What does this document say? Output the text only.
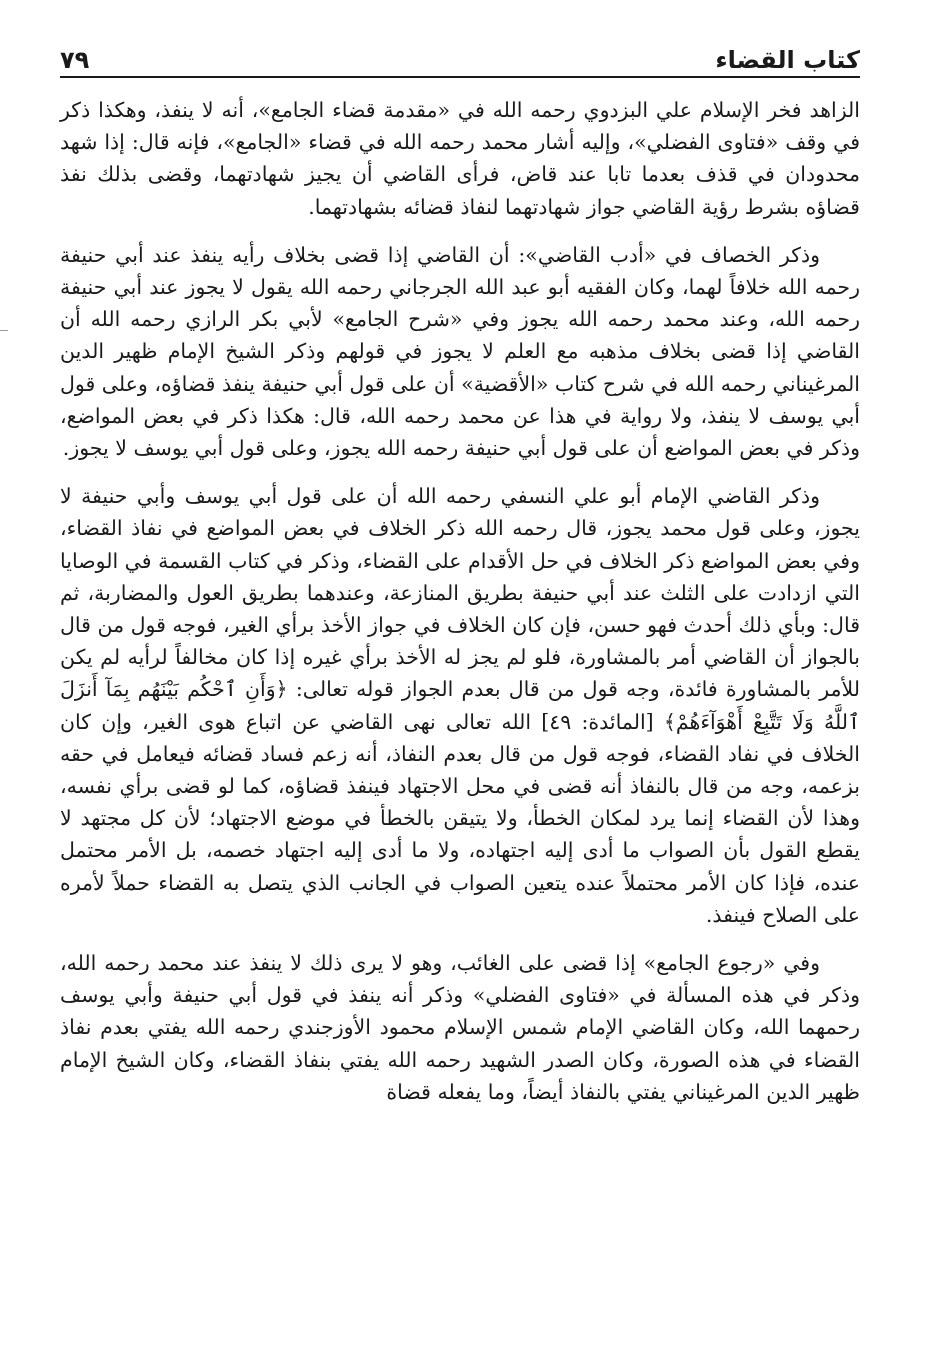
كتاب القضاء
٧٩

الزاهد فخر الإسلام علي البزدوي رحمه الله في «مقدمة قضاء الجامع»، أنه لا ينفذ، وهكذا ذكر في وقف «فتاوى الفضلي»، وإليه أشار محمد رحمه الله في قضاء «الجامع»، فإنه قال: إذا شهد محدودان في قذف بعدما تابا عند قاض، فرأى القاضي أن يجيز شهادتهما، وقضى بذلك نفذ قضاؤه بشرط رؤية القاضي جواز شهادتهما لنفاذ قضائه بشهادتهما.

وذكر الخصاف في «أدب القاضي»: أن القاضي إذا قضى بخلاف رأيه ينفذ عند أبي حنيفة رحمه الله خلافاً لهما، وكان الفقيه أبو عبد الله الجرجاني رحمه الله يقول لا يجوز عند أبي حنيفة رحمه الله، وعند محمد رحمه الله يجوز وفي «شرح الجامع» لأبي بكر الرازي رحمه الله أن القاضي إذا قضى بخلاف مذهبه مع العلم لا يجوز في قولهم وذكر الشيخ الإمام ظهير الدين المرغيناني رحمه الله في شرح كتاب «الأقضية» أن على قول أبي حنيفة ينفذ قضاؤه، وعلى قول أبي يوسف لا ينفذ، ولا رواية في هذا عن محمد رحمه الله، قال: هكذا ذكر في بعض المواضع، وذكر في بعض المواضع أن على قول أبي حنيفة رحمه الله يجوز، وعلى قول أبي يوسف لا يجوز.

وذكر القاضي الإمام أبو علي النسفي رحمه الله أن على قول أبي يوسف وأبي حنيفة لا يجوز، وعلى قول محمد يجوز، قال رحمه الله ذكر الخلاف في بعض المواضع في نفاذ القضاء، وفي بعض المواضع ذكر الخلاف في حل الأقدام على القضاء، وذكر في كتاب القسمة في الوصايا التي ازدادت على الثلث عند أبي حنيفة بطريق المنازعة، وعندهما بطريق العول والمضاربة، ثم قال: وبأي ذلك أحدث فهو حسن، فإن كان الخلاف في جواز الأخذ برأي الغير، فوجه قول من قال بالجواز أن القاضي أمر بالمشاورة، فلو لم يجز له الأخذ برأي غيره إذا كان مخالفاً لرأيه لم يكن للأمر بالمشاورة فائدة، وجه قول من قال بعدم الجواز قوله تعالى: ﴿وَأَنِ ٱحْكُم بَيْنَهُم بِمَآ أَنزَلَ ٱللَّهُ وَلَا تَتَّبِعْ أَهْوَآءَهُمْ﴾ [المائدة: ٤٩] الله تعالى نهى القاضي عن اتباع هوى الغير، وإن كان الخلاف في نفاد القضاء، فوجه قول من قال بعدم النفاذ، أنه زعم فساد قضائه فيعامل في حقه بزعمه، وجه من قال بالنفاذ أنه قضى في محل الاجتهاد فينفذ قضاؤه، كما لو قضى برأي نفسه، وهذا لأن القضاء إنما يرد لمكان الخطأ، ولا يتيقن بالخطأ في موضع الاجتهاد؛ لأن كل مجتهد لا يقطع القول بأن الصواب ما أدى إليه اجتهاده، ولا ما أدى إليه اجتهاد خصمه، بل الأمر محتمل عنده، فإذا كان الأمر محتملاً عنده يتعين الصواب في الجانب الذي يتصل به القضاء حملاً لأمره على الصلاح فينفذ.

وفي «رجوع الجامع» إذا قضى على الغائب، وهو لا يرى ذلك لا ينفذ عند محمد رحمه الله، وذكر في هذه المسألة في «فتاوى الفضلي» وذكر أنه ينفذ في قول أبي حنيفة وأبي يوسف رحمهما الله، وكان القاضي الإمام شمس الإسلام محمود الأوزجندي رحمه الله يفتي بعدم نفاذ القضاء في هذه الصورة، وكان الصدر الشهيد رحمه الله يفتي بنفاذ القضاء، وكان الشيخ الإمام ظهير الدين المرغيناني يفتي بالنفاذ أيضاً، وما يفعله قضاة
